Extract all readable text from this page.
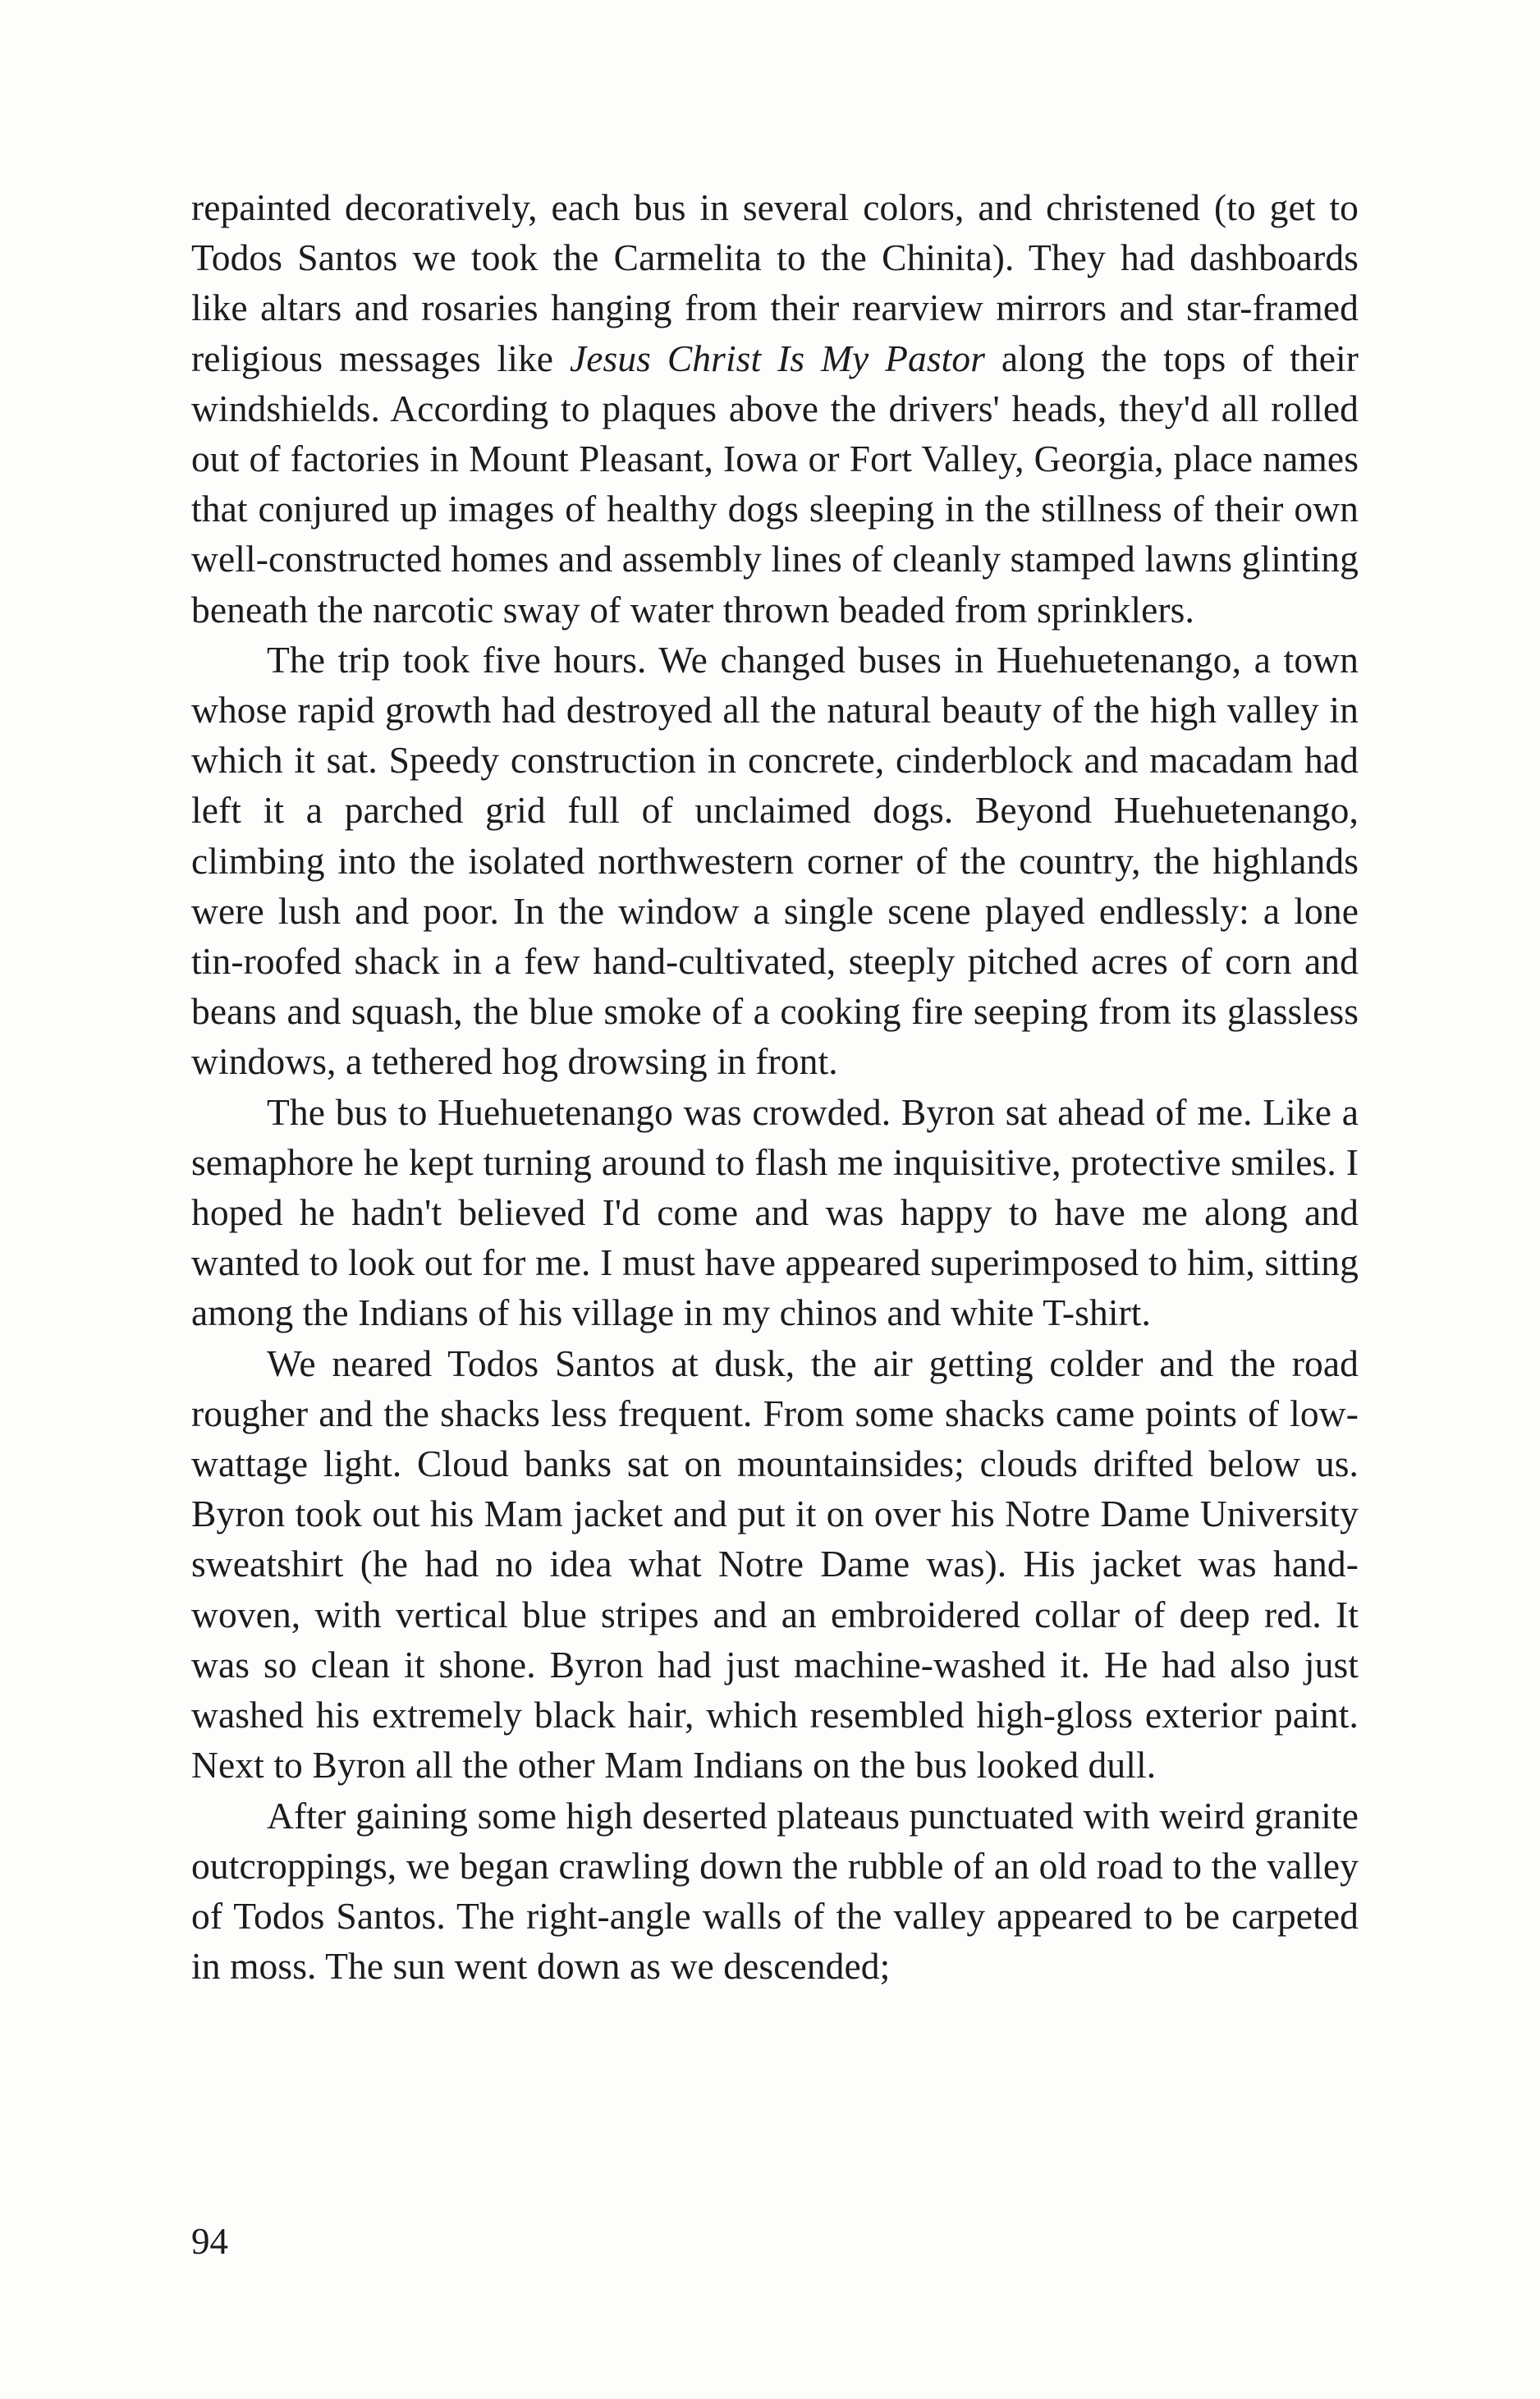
repainted decoratively, each bus in several colors, and christened (to get to Todos Santos we took the Carmelita to the Chinita). They had dashboards like altars and rosaries hanging from their rearview mirrors and star-framed religious messages like Jesus Christ Is My Pastor along the tops of their windshields. According to plaques above the drivers' heads, they'd all rolled out of factories in Mount Pleasant, Iowa or Fort Valley, Georgia, place names that conjured up images of healthy dogs sleeping in the stillness of their own well-constructed homes and assembly lines of cleanly stamped lawns glinting beneath the narcotic sway of water thrown beaded from sprinklers.

The trip took five hours. We changed buses in Huehuetenango, a town whose rapid growth had destroyed all the natural beauty of the high valley in which it sat. Speedy construction in concrete, cinderblock and macadam had left it a parched grid full of unclaimed dogs. Beyond Huehuetenango, climbing into the isolated northwestern corner of the country, the highlands were lush and poor. In the window a single scene played endlessly: a lone tin-roofed shack in a few hand-cultivated, steeply pitched acres of corn and beans and squash, the blue smoke of a cooking fire seeping from its glassless windows, a tethered hog drowsing in front.

The bus to Huehuetenango was crowded. Byron sat ahead of me. Like a semaphore he kept turning around to flash me inquisitive, protective smiles. I hoped he hadn't believed I'd come and was happy to have me along and wanted to look out for me. I must have appeared superimposed to him, sitting among the Indians of his village in my chinos and white T-shirt.

We neared Todos Santos at dusk, the air getting colder and the road rougher and the shacks less frequent. From some shacks came points of low-wattage light. Cloud banks sat on mountainsides; clouds drifted below us. Byron took out his Mam jacket and put it on over his Notre Dame University sweatshirt (he had no idea what Notre Dame was). His jacket was hand-woven, with vertical blue stripes and an embroidered collar of deep red. It was so clean it shone. Byron had just machine-washed it. He had also just washed his extremely black hair, which resembled high-gloss exterior paint. Next to Byron all the other Mam Indians on the bus looked dull.

After gaining some high deserted plateaus punctuated with weird granite outcroppings, we began crawling down the rubble of an old road to the valley of Todos Santos. The right-angle walls of the valley appeared to be carpeted in moss. The sun went down as we descended;

94
